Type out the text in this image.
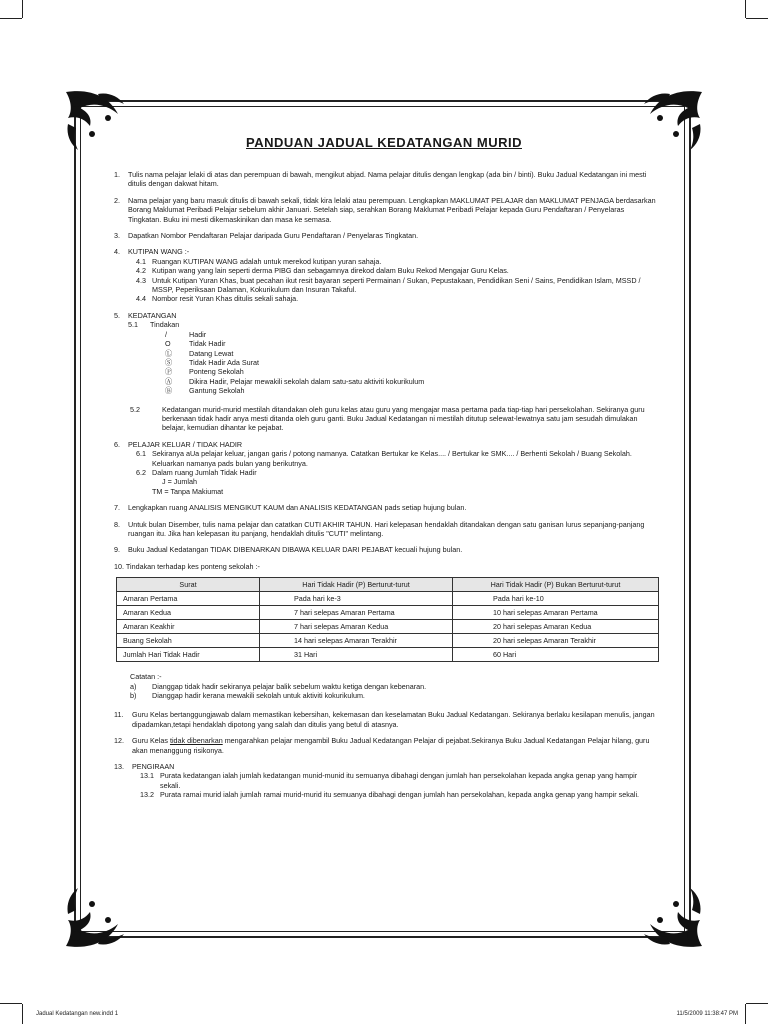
PANDUAN JADUAL KEDATANGAN MURID
1. Tulis nama pelajar lelaki di atas dan perempuan di bawah, mengikut abjad. Nama pelajar ditulis dengan lengkap (ada bin / binti). Buku Jadual Kedatangan ini mesti ditulis dengan dakwat hitam.
2. Nama pelajar yang baru masuk ditulis di bawah sekali, tidak kira lelaki atau perempuan. Lengkapkan MAKLUMAT PELAJAR dan MAKLUMAT PENJAGA berdasarkan Borang Maklumat Peribadi Pelajar sebelum akhir Januari. Setelah siap, serahkan Borang Maklumat Peribadi Pelajar kepada Guru Pendaftaran / Penyelaras Tingkatan. Buku ini mesti dikemaskinikan dan masa ke semasa.
3. Dapatkan Nombor Pendaftaran Pelajar daripada Guru Pendaftaran / Penyelaras Tingkatan.
4. KUTIPAN WANG :-
4.1 Ruangan KUTIPAN WANG adalah untuk merekod kutipan yuran sahaja.
4.2 Kutipan wang yang lain seperti derma PIBG dan sebagamnya direkod dalam Buku Rekod Mengajar Guru Kelas.
4.3 Untuk Kutipan Yuran Khas, buat pecahan ikut resit bayaran seperti Permainan / Sukan, Pepustakaan, Pendidikan Seni / Sains, Pendidikan Islam, MSSD / MSSP, Peperiksaan Dalaman, Kokurikulum dan Insuran Takaful.
4.4 Nombor resit Yuran Khas ditulis sekali sahaja.
5. KEDATANGAN
5.1 Tindakan
/	Hadir
O	Tidak Hadir
Ⓛ	Datang Lewat
Ⓢ	Tidak Hadir Ada Surat
Ⓟ	Ponteng Sekolah
Ⓐ	Dikira Hadir, Pelajar mewakili sekolah dalam satu-satu aktiviti kokurikulum
Ⓑ	Gantung Sekolah
5.2	Kedatangan murid-murid mestilah ditandakan oleh guru kelas atau guru yang mengajar masa pertama pada tiap-tiap hari persekolahan. Sekiranya guru berkenaan tidak hadir anya mesti ditanda oleh guru ganti. Buku Jadual Kedatangan ni mestilah ditutup selewat-lewatnya satu jam sesudah dimulakan belajar, kemudian dihantar ke pejabat.
6. PELAJAR KELUAR / TIDAK HADIR
6.1 Sekiranya aUa pelajar keluar, jangan garis / potong namanya. Catatkan Bertukar ke Kelas.... / Bertukar ke SMK.... / Berhenti Sekolah / Buang Sekolah. Keluarkan namanya pads bulan yang berikutnya.
6.2 Dalam ruang Jumlah Tidak Hadir
J = Jumlah
TM = Tanpa Makiumat
7. Lengkapkan ruang ANALISIS MENGIKUT KAUM dan ANALISIS KEDATANGAN pads setiap hujung bulan.
8. Untuk bulan Disember, tulis nama pelajar dan catatkan CUTI AKHIR TAHUN. Hari kelepasan hendaklah ditandakan dengan satu ganisan lurus sepanjang-panjang ruangan itu. Jika han kelepasan itu panjang, hendaklah ditulis "CUTI" melintang.
9. Buku Jadual Kedatangan TIDAK DIBENARKAN DIBAWA KELUAR DARI PEJABAT kecuali hujung bulan.
10. Tindakan terhadap kes ponteng sekolah :-
Surat	Hari Tidak Hadir (P) Berturut-turut	Hari Tidak Hadir (P) Bukan Berturut-turut
Amaran Pertama	Pada hari ke-3	Pada hari ke-10
Amaran Kedua	7 hari selepas Amaran Pertama	10 hari selepas Amaran Pertama
Amaran Keakhir	7 hari selepas Amaran Kedua	20 hari selepas Amaran Kedua
Buang Sekolah	14 hari selepas Amaran Terakhir	20 hari selepas Amaran Terakhir
Jumlah Hari Tidak Hadir	31 Hari	60 Hari
Catatan :-
a) Dianggap tidak hadir sekiranya pelajar balik sebelum waktu ketiga dengan kebenaran.
b) Dianggap hadir kerana mewakili sekolah untuk aktiviti kokurikulum.
11. Guru Kelas bertanggungjawab dalam memastikan kebersihan, kekemasan dan keselamatan Buku Jadual Kedatangan. Sekiranya berlaku kesilapan menulis, jangan dipadamkan,tetapi hendaklah dipotong yang salah dan ditulis yang betul di atasnya.
12. Guru Kelas tidak dibenarkan mengarahkan pelajar mengambil Buku Jadual Kedatangan Pelajar di pejabat.Sekiranya Buku Jadual Kedatangan Pelajar hilang, guru akan menanggung risikonya.
13. PENGIRAAN
13.1 Purata kedatangan ialah jumlah kedatangan munid-munid itu semuanya dibahagi dengan jumlah han persekolahan kepada angka genap yang hampir sekali.
13.2 Purata ramai murid ialah jumlah ramai murid-murid itu semuanya dibahagi dengan jumlah han persekolahan, kepada angka genap yang hampir sekali.
Jadual Kedatangan new.indd 1	11/5/2009 11:38:47 PM
